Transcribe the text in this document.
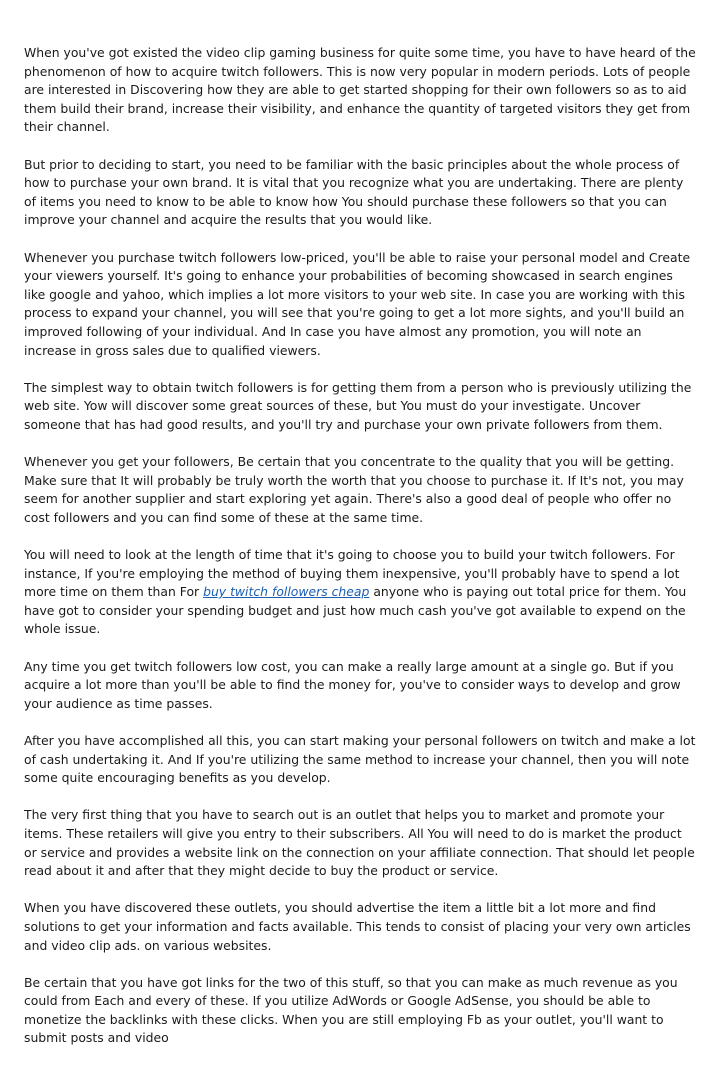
When you've got existed the video clip gaming business for quite some time, you have to have heard of the phenomenon of how to acquire twitch followers. This is now very popular in modern periods. Lots of people are interested in Discovering how they are able to get started shopping for their own followers so as to aid them build their brand, increase their visibility, and enhance the quantity of targeted visitors they get from their channel.

But prior to deciding to start, you need to be familiar with the basic principles about the whole process of how to purchase your own brand. It is vital that you recognize what you are undertaking. There are plenty of items you need to know to be able to know how You should purchase these followers so that you can improve your channel and acquire the results that you would like.

Whenever you purchase twitch followers low-priced, you'll be able to raise your personal model and Create your viewers yourself. It's going to enhance your probabilities of becoming showcased in search engines like google and yahoo, which implies a lot more visitors to your web site. In case you are working with this process to expand your channel, you will see that you're going to get a lot more sights, and you'll build an improved following of your individual. And In case you have almost any promotion, you will note an increase in gross sales due to qualified viewers.

The simplest way to obtain twitch followers is for getting them from a person who is previously utilizing the web site. Yow will discover some great sources of these, but You must do your investigate. Uncover someone that has had good results, and you'll try and purchase your own private followers from them.

Whenever you get your followers, Be certain that you concentrate to the quality that you will be getting. Make sure that It will probably be truly worth the worth that you choose to purchase it. If It's not, you may seem for another supplier and start exploring yet again. There's also a good deal of people who offer no cost followers and you can find some of these at the same time.

You will need to look at the length of time that it's going to choose you to build your twitch followers. For instance, If you're employing the method of buying them inexpensive, you'll probably have to spend a lot more time on them than For buy twitch followers cheap anyone who is paying out total price for them. You have got to consider your spending budget and just how much cash you've got available to expend on the whole issue.

Any time you get twitch followers low cost, you can make a really large amount at a single go. But if you acquire a lot more than you'll be able to find the money for, you've to consider ways to develop and grow your audience as time passes.

After you have accomplished all this, you can start making your personal followers on twitch and make a lot of cash undertaking it. And If you're utilizing the same method to increase your channel, then you will note some quite encouraging benefits as you develop.

The very first thing that you have to search out is an outlet that helps you to market and promote your items. These retailers will give you entry to their subscribers. All You will need to do is market the product or service and provides a website link on the connection on your affiliate connection. That should let people read about it and after that they might decide to buy the product or service.

When you have discovered these outlets, you should advertise the item a little bit a lot more and find solutions to get your information and facts available. This tends to consist of placing your very own articles and video clip ads. on various websites.

Be certain that you have got links for the two of this stuff, so that you can make as much revenue as you could from Each and every of these. If you utilize AdWords or Google AdSense, you should be able to monetize the backlinks with these clicks. When you are still employing Fb as your outlet, you'll want to submit posts and video
